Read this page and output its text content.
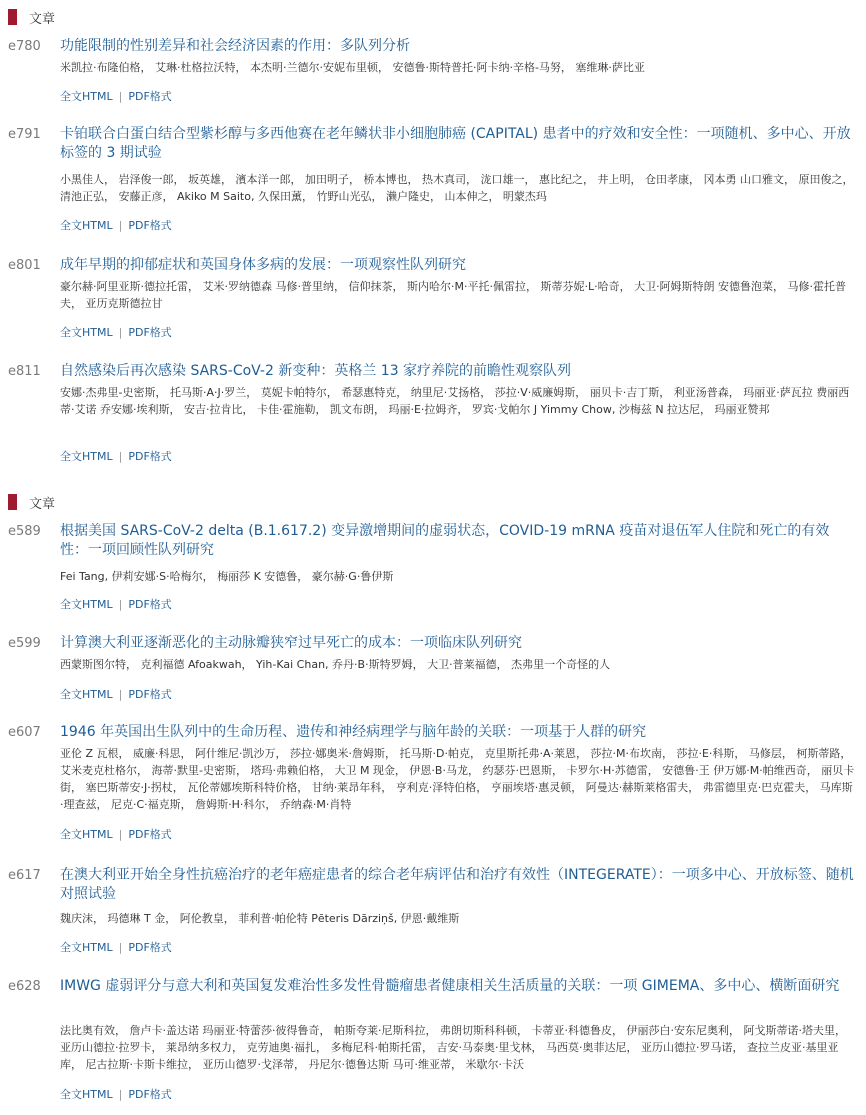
文章
e780	功能限制的性别差异和社会经济因素的作用：多队列分析
米凯拉·布隆伯格， 艾琳·杜格拉沃特， 本杰明·兰德尔·安妮布里顿， 安德鲁·斯特普托·阿卡纳·辛格-马努， 塞维琳·萨比亚
全文HTML | PDF格式
e791	卡铂联合白蛋白结合型紫杉醇与多西他赛在老年鳞状非小细胞肺癌 (CAPITAL) 患者中的疗效和安全性：一项随机、多中心、开放标签的 3 期试验
小黑佳人， 岩泽俊一郎， 坂英雄， 濱本洋一郎， 加田明子， 桥本博也， 热木真司， 泷口雄一， 惠比纪之， 井上明， 仓田孝康， 冈本勇 山口雅文， 原田俊之， 清池正弘， 安藤正彦， Akiko M Saito, 久保田薰， 竹野山光弘， 濑户隆史， 山本伸之， 明蒙杰玛
全文HTML | PDF格式
e801	成年早期的抑郁症状和英国身体多病的发展：一项观察性队列研究
豪尔赫·阿里亚斯·德拉托雷， 艾米·罗纳德森 马修·普里纳， 信仰抹茶， 斯内哈尔·M·平托·佩雷拉， 斯蒂芬妮·L·哈奇， 大卫·阿姆斯特朗 安德鲁泡菜， 马修·霍托普夫， 亚历克斯德拉甘
全文HTML | PDF格式
e811	自然感染后再次感染 SARS-CoV-2 新变种：英格兰 13 家疗养院的前瞻性观察队列
安娜·杰弗里-史密斯， 托马斯·A·J·罗兰， 莫妮卡帕特尔， 希瑟惠特克， 纳里尼·艾扬格， 莎拉·V·威廉姆斯， 丽贝卡·吉丁斯， 利亚汤普森， 玛丽亚·萨瓦拉 费丽西蒂·艾诺 乔安娜·埃利斯， 安吉·拉肯比， 卡佳·霍施勒， 凯文布朗， 玛丽·E·拉姆齐， 罗宾·戈帕尔 J Yimmy Chow, 沙梅兹 N 拉达尼， 玛丽亚赞邦
全文HTML | PDF格式
文章
e589	根据美国 SARS-CoV-2 delta (B.1.617.2) 变异激增期间的虚弱状态，COVID-19 mRNA 疫苗对退伍军人住院和死亡的有效性：一项回顾性队列研究
Fei Tang, 伊莉安娜·S·哈梅尔， 梅丽莎 K 安德鲁， 豪尔赫·G·鲁伊斯
全文HTML | PDF格式
e599	计算澳大利亚逐渐恶化的主动脉瓣狭窄过早死亡的成本：一项临床队列研究
西蒙斯图尔特， 克利福德 Afoakwah， Yih-Kai Chan, 乔丹·B·斯特罗姆， 大卫·普莱福德， 杰弗里一个奇怪的人
全文HTML | PDF格式
e607	1946 年英国出生队列中的生命历程、遗传和神经病理学与脑年龄的关联：一项基于人群的研究
亚伦 Z 瓦根， 威廉·科思， 阿什维尼·凯沙万， 莎拉·娜奥米·詹姆斯， 托马斯·D·帕克， 克里斯托弗·A·莱恩， 莎拉·M·布坎南， 莎拉·E·科斯， 马修层， 柯斯蒂路， 艾米麦克杜格尔， 海蒂·默里-史密斯， 塔玛·弗赖伯格， 大卫 M 现金， 伊恩·B·马龙， 约瑟芬·巴恩斯， 卡罗尔·H·苏德雷， 安德鲁·王 伊万娜·M·帕维西奇， 丽贝卡街， 塞巴斯蒂安·J·拐杖， 瓦伦蒂娜埃斯科特价格， 甘纳·莱昂年科， 亨利克·泽特伯格， 亨丽埃塔·惠灵顿， 阿曼达·赫斯莱格雷夫， 弗雷德里克·巴克霍夫， 马库斯·理查兹， 尼克·C·福克斯， 詹姆斯·H·科尔， 乔纳森·M·肖特
全文HTML | PDF格式
e617	在澳大利亚开始全身性抗癌治疗的老年癌症患者的综合老年病评估和治疗有效性（INTEGERATE）：一项多中心、开放标签、随机对照试验
魏庆沫， 玛德琳 T 金， 阿伦教皇， 菲利普·帕伦特 Pēteris Dārziņš, 伊恩·戴维斯
全文HTML | PDF格式
e628	IMWG 虚弱评分与意大利和英国复发难治性多发性骨髓瘤患者健康相关生活质量的关联：一项 GIMEMA、多中心、横断面研究
法比奥有效， 詹卢卡·盖达诺 玛丽亚·特蕾莎·彼得鲁奇， 帕斯夸莱·尼斯科拉， 弗朗切斯科科顿， 卡蒂亚·科德鲁皮， 伊丽莎白·安东尼奥利， 阿戈斯蒂诺·塔夫里， 亚历山德拉·拉罗卡， 莱昂纳多权力， 克劳迪奥·福扎， 多梅尼科·帕斯托雷， 吉安·马泰奥·里戈林， 马西莫·奥菲达尼， 亚历山德拉·罗马诺， 查拉兰皮亚·基里亚库， 尼古拉斯·卡斯卡维拉， 亚历山德罗·戈泽蒂， 丹尼尔·德鲁达斯 马可·维亚蒂， 米歇尔·卡沃
全文HTML | PDF格式
